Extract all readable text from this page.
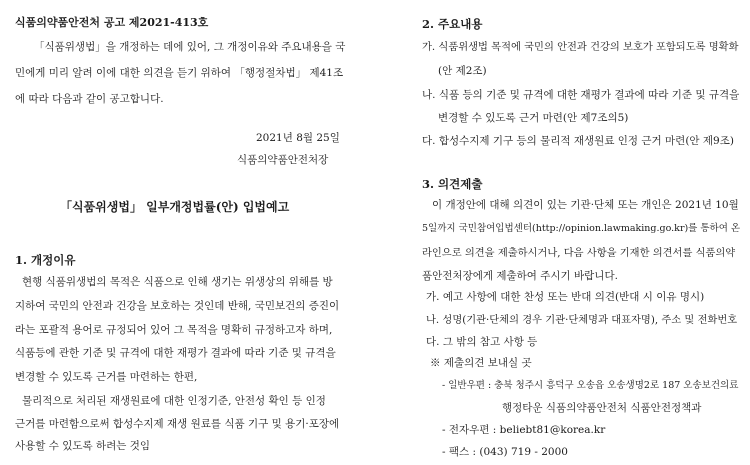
식품의약품안전처 공고 제2021-413호
「식품위생법」을 개정하는 데에 있어, 그 개정이유와 주요내용을 국
민에게 미리 알려 이에 대한 의견을 듣기 위하여 「행정절차법」 제41조
에 따라 다음과 같이 공고합니다.
2021년 8월 25일
식품의약품안전처장
「식품위생법」 일부개정법률(안) 입법예고
1. 개정이유
현행 식품위생법의 목적은 식품으로 인해 생기는 위생상의 위해를 방
지하여 국민의 안전과 건강을 보호하는 것인데 반해, 국민보건의 증진이
라는 포괄적 용어로 규정되어 있어 그 목적을 명확히 규정하고자 하며,
식품등에 관한 기준 및 규격에 대한 재평가 결과에 따라 기준 및 규격을
변경할 수 있도록 근거를 마련하는 한편,
물리적으로 처리된 재생원료에 대한 인정기준, 안전성 확인 등 인정
근거를 마련함으로써 합성수지제 재생 원료를 식품 기구 및 용기·포장에
사용할 수 있도록 하려는 것임
2. 주요내용
가. 식품위생법 목적에 국민의 안전과 건강의 보호가 포함되도록 명확화
(안 제2조)
나. 식품 등의 기준 및 규격에 대한 재평가 결과에 따라 기준 및 규격을
변경할 수 있도록 근거 마련(안 제7조의5)
다. 합성수지제 기구 등의 물리적 재생원료 인정 근거 마련(안 제9조)
3. 의견제출
이 개정안에 대해 의견이 있는 기관·단체 또는 개인은 2021년 10월
5일까지 국민참여입법센터(http://opinion.lawmaking.go.kr)를 통하여 온
라인으로 의견을 제출하시거나, 다음 사항을 기재한 의견서를 식품의약
품안전처장에게 제출하여 주시기 바랍니다.
가. 예고 사항에 대한 찬성 또는 반대 의견(반대 시 이유 명시)
나. 성명(기관·단체의 경우 기관·단체명과 대표자명), 주소 및 전화번호
다. 그 밖의 참고 사항 등
※ 제출의견 보내실 곳
- 일반우편 : 충북 청주시 흥덕구 오송읍 오송생명2로 187 오송보건의료
행정타운 식품의약품안전처 식품안전정책과
- 전자우편 : beliebt81@korea.kr
- 팩스 : (043) 719 - 2000
